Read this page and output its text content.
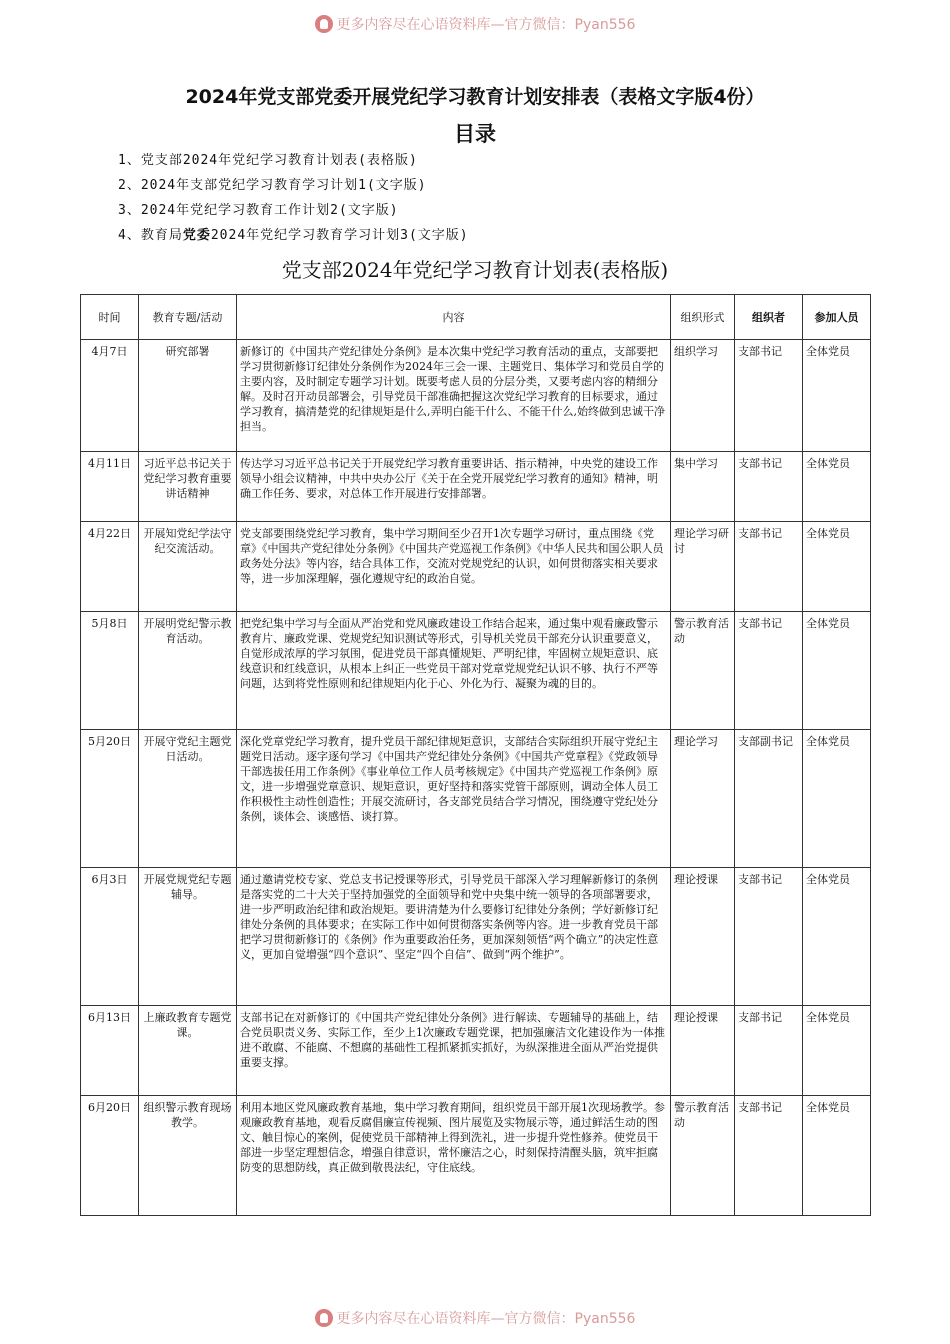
更多内容尽在心语资料库—官方微信：Pyan556
2024年党支部党委开展党纪学习教育计划安排表（表格文字版4份）
目录
1、党支部2024年党纪学习教育计划表(表格版)
2、2024年支部党纪学习教育学习计划1(文字版)
3、2024年党纪学习教育工作计划2(文字版)
4、教育局党委2024年党纪学习教育学习计划3(文字版)
党支部2024年党纪学习教育计划表(表格版)
时间	教育专题/活动	内容	组织形式	组织者	参加人员
4月7日	研究部署	新修订的《中国共产党纪律处分条例》是本次集中党纪学习教育活动的重点，支部要把学习贯彻新修订纪律处分条例作为2024年三会一课、主题党日、集体学习和党员自学的主要内容，及时制定专题学习计划。既要考虑人员的分层分类，又要考虑内容的精细分解。及时召开动员部署会，引导党员干部准确把握这次党纪学习教育的目标要求，通过学习教育，搞清楚党的纪律规矩是什么,弄明白能干什么、不能干什么,始终做到忠诚干净担当。	组织学习	支部书记	全体党员
4月11日	习近平总书记关于党纪学习教育重要讲话精神	传达学习习近平总书记关于开展党纪学习教育重要讲话、指示精神，中央党的建设工作领导小组会议精神，中共中央办公厅《关于在全党开展党纪学习教育的通知》精神，明确工作任务、要求，对总体工作开展进行安排部署。	集中学习	支部书记	全体党员
4月22日	开展知党纪学法守纪交流活动。	党支部要围绕党纪学习教育，集中学习期间至少召开1次专题学习研讨，重点围绕《党章》《中国共产党纪律处分条例》《中国共产党巡视工作条例》《中华人民共和国公职人员政务处分法》等内容，结合具体工作，交流对党规党纪的认识，如何贯彻落实相关要求等，进一步加深理解，强化遵规守纪的政治自觉。	理论学习研讨	支部书记	全体党员
5月8日	开展明党纪警示教育活动。	把党纪集中学习与全面从严治党和党风廉政建设工作结合起来，通过集中观看廉政警示教育片、廉政党课、党规党纪知识测试等形式，引导机关党员干部充分认识重要意义，自觉形成浓厚的学习氛围，促进党员干部真懂规矩、严明纪律，牢固树立规矩意识、底线意识和红线意识，从根本上纠正一些党员干部对党章党规党纪认识不够、执行不严等问题，达到将党性原则和纪律规矩内化于心、外化为行、凝聚为魂的目的。	警示教育活动	支部书记	全体党员
5月20日	开展守党纪主题党日活动。	深化党章党纪学习教育，提升党员干部纪律规矩意识，支部结合实际组织开展守党纪主题党日活动。逐字逐句学习《中国共产党纪律处分条例》《中国共产党章程》《党政领导干部选拔任用工作条例》《事业单位工作人员考核规定》《中国共产党巡视工作条例》原文，进一步增强党章意识、规矩意识，更好坚持和落实党管干部原则，调动全体人员工作积极性主动性创造性；开展交流研讨，各支部党员结合学习情况，围绕遵守党纪处分条例，谈体会、谈感悟、谈打算。	理论学习	支部副书记	全体党员
6月3日	开展党规党纪专题辅导。	通过邀请党校专家、党总支书记授课等形式，引导党员干部深入学习理解新修订的条例是落实党的二十大关于坚持加强党的全面领导和党中央集中统一领导的各项部署要求，进一步严明政治纪律和政治规矩。要讲清楚为什么要修订纪律处分条例；学好新修订纪律处分条例的具体要求；在实际工作中如何贯彻落实条例等内容。进一步教育党员干部把学习贯彻新修订的《条例》作为重要政治任务，更加深刻领悟“两个确立”的决定性意义，更加自觉增强“四个意识”、坚定“四个自信”、做到“两个维护”。	理论授课	支部书记	全体党员
6月13日	上廉政教育专题党课。	支部书记在对新修订的《中国共产党纪律处分条例》进行解读、专题辅导的基础上，结合党员职责义务、实际工作，至少上1次廉政专题党课，把加强廉洁文化建设作为一体推进不敢腐、不能腐、不想腐的基础性工程抓紧抓实抓好，为纵深推进全面从严治党提供重要支撑。	理论授课	支部书记	全体党员
6月20日	组织警示教育现场教学。	利用本地区党风廉政教育基地，集中学习教育期间，组织党员干部开展1次现场教学。参观廉政教育基地，观看反腐倡廉宣传视频、图片展览及实物展示等，通过鲜活生动的图文、触目惊心的案例，促使党员干部精神上得到洗礼，进一步提升党性修养。使党员干部进一步坚定理想信念，增强自律意识，常怀廉洁之心，时刻保持清醒头脑，筑牢拒腐防变的思想防线，真正做到敬畏法纪，守住底线。	警示教育活动	支部书记	全体党员
更多内容尽在心语资料库—官方微信：Pyan556
